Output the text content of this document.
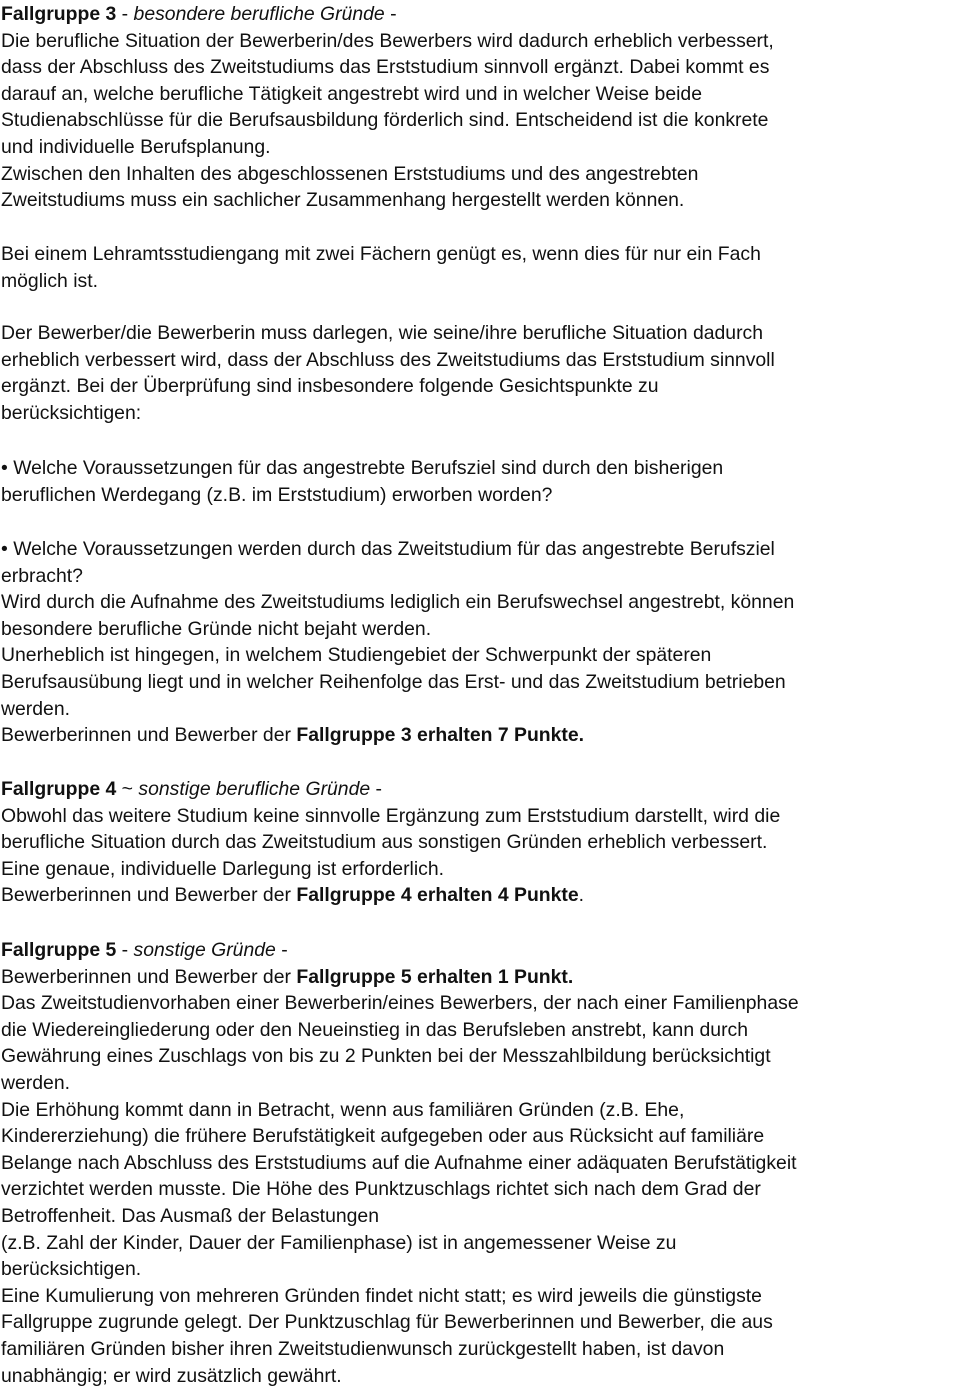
Fallgruppe 3 - besondere berufliche Gründe -
Die berufliche Situation der Bewerberin/des Bewerbers wird dadurch erheblich verbessert,
dass der Abschluss des Zweitstudiums das Erststudium sinnvoll ergänzt. Dabei kommt es
darauf an, welche berufliche Tätigkeit angestrebt wird und in welcher Weise beide
Studienabschlüsse für die Berufsausbildung förderlich sind. Entscheidend ist die konkrete
und individuelle Berufsplanung.
Zwischen den Inhalten des abgeschlossenen Erststudiums und des angestrebten
Zweitstudiums muss ein sachlicher Zusammenhang hergestellt werden können.
Bei einem Lehramtsstudiengang mit zwei Fächern genügt es, wenn dies für nur ein Fach
möglich ist.
Der Bewerber/die Bewerberin muss darlegen, wie seine/ihre berufliche Situation dadurch
erheblich verbessert wird, dass der Abschluss des Zweitstudiums das Erststudium sinnvoll
ergänzt. Bei der Überprüfung sind insbesondere folgende Gesichtspunkte zu
berücksichtigen:
• Welche Voraussetzungen für das angestrebte Berufsziel sind durch den bisherigen
beruflichen Werdegang (z.B. im Erststudium) erworben worden?
• Welche Voraussetzungen werden durch das Zweitstudium für das angestrebte Berufsziel
erbracht?
Wird durch die Aufnahme des Zweitstudiums lediglich ein Berufswechsel angestrebt, können
besondere berufliche Gründe nicht bejaht werden.
Unerheblich ist hingegen, in welchem Studiengebiet der Schwerpunkt der späteren
Berufsausübung liegt und in welcher Reihenfolge das Erst- und das Zweitstudium betrieben
werden.
Bewerberinnen und Bewerber der Fallgruppe 3 erhalten 7 Punkte.
Fallgruppe 4 ~ sonstige berufliche Gründe -
Obwohl das weitere Studium keine sinnvolle Ergänzung zum Erststudium darstellt, wird die
berufliche Situation durch das Zweitstudium aus sonstigen Gründen erheblich verbessert.
Eine genaue, individuelle Darlegung ist erforderlich.
Bewerberinnen und Bewerber der Fallgruppe 4 erhalten 4 Punkte.
Fallgruppe 5 - sonstige Gründe -
Bewerberinnen und Bewerber der Fallgruppe 5 erhalten 1 Punkt.
Das Zweitstudienvorhaben einer Bewerberin/eines Bewerbers, der nach einer Familienphase
die Wiedereingliederung oder den Neueinstieg in das Berufsleben anstrebt, kann durch
Gewährung eines Zuschlags von bis zu 2 Punkten bei der Messzahlbildung berücksichtigt
werden.
Die Erhöhung kommt dann in Betracht, wenn aus familiären Gründen (z.B. Ehe,
Kindererziehung) die frühere Berufstätigkeit aufgegeben oder aus Rücksicht auf familiäre
Belange nach Abschluss des Erststudiums auf die Aufnahme einer adäquaten Berufstätigkeit
verzichtet werden musste. Die Höhe des Punktzuschlags richtet sich nach dem Grad der
Betroffenheit. Das Ausmaß der Belastungen
(z.B. Zahl der Kinder, Dauer der Familienphase) ist in angemessener Weise zu
berücksichtigen.
Eine Kumulierung von mehreren Gründen findet nicht statt; es wird jeweils die günstigste
Fallgruppe zugrunde gelegt. Der Punktzuschlag für Bewerberinnen und Bewerber, die aus
familiären Gründen bisher ihren Zweitstudienwunsch zurückgestellt haben, ist davon
unabhängig; er wird zusätzlich gewährt.
